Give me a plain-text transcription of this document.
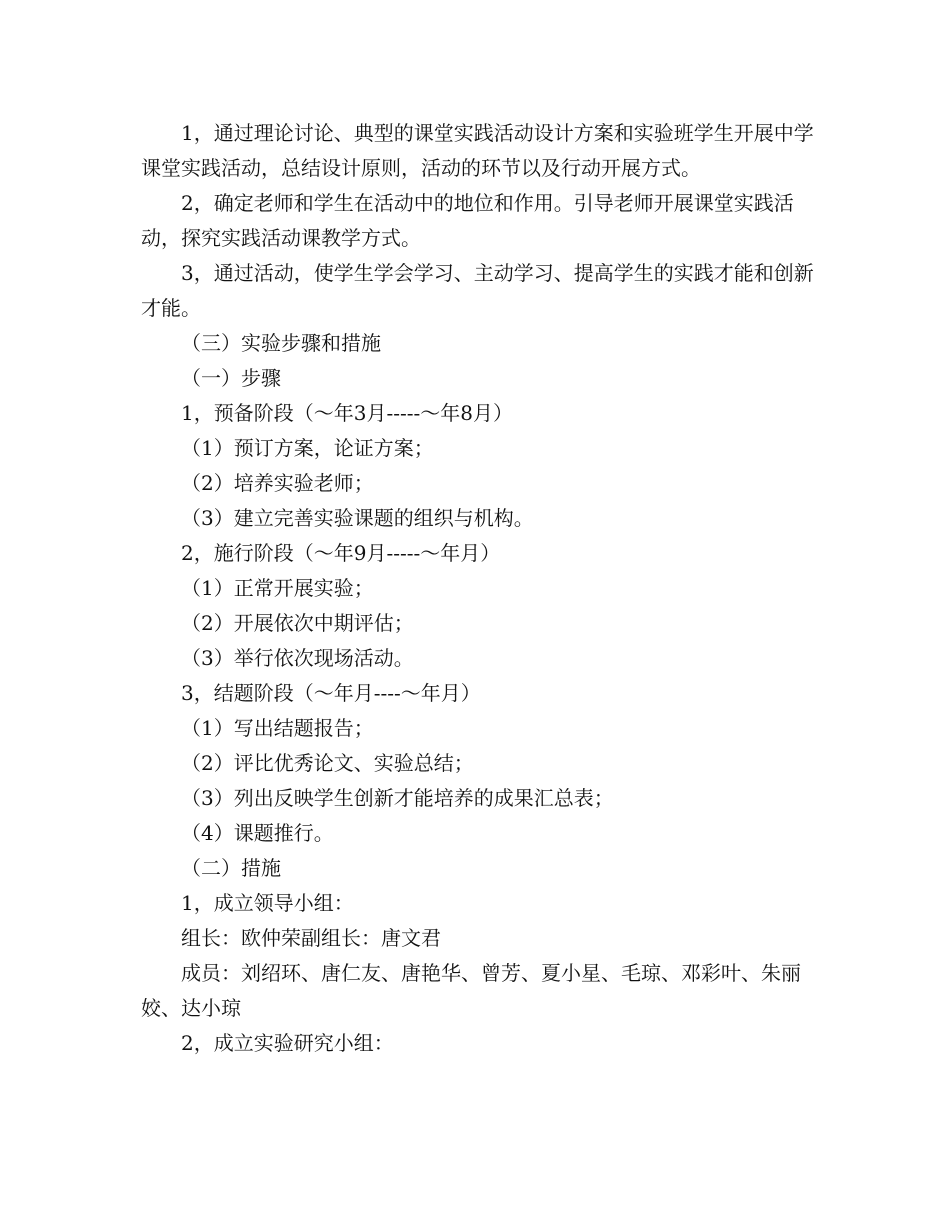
1，通过理论讨论、典型的课堂实践活动设计方案和实验班学生开展中学课堂实践活动，总结设计原则，活动的环节以及行动开展方式。

2，确定老师和学生在活动中的地位和作用。引导老师开展课堂实践活动，探究实践活动课教学方式。

3，通过活动，使学生学会学习、主动学习、提高学生的实践才能和创新才能。

（三）实验步骤和措施

（一）步骤

1，预备阶段（～年3月-----～年8月）

（1）预订方案，论证方案；

（2）培养实验老师；

（3）建立完善实验课题的组织与机构。

2，施行阶段（～年9月-----～年月）

（1）正常开展实验；

（2）开展依次中期评估；

（3）举行依次现场活动。

3，结题阶段（～年月----～年月）

（1）写出结题报告；

（2）评比优秀论文、实验总结；

（3）列出反映学生创新才能培养的成果汇总表；

（4）课题推行。

（二）措施

1，成立领导小组：

组长：欧仲荣副组长：唐文君

成员：刘绍环、唐仁友、唐艳华、曾芳、夏小星、毛琼、邓彩叶、朱丽姣、达小琼

2，成立实验研究小组：
